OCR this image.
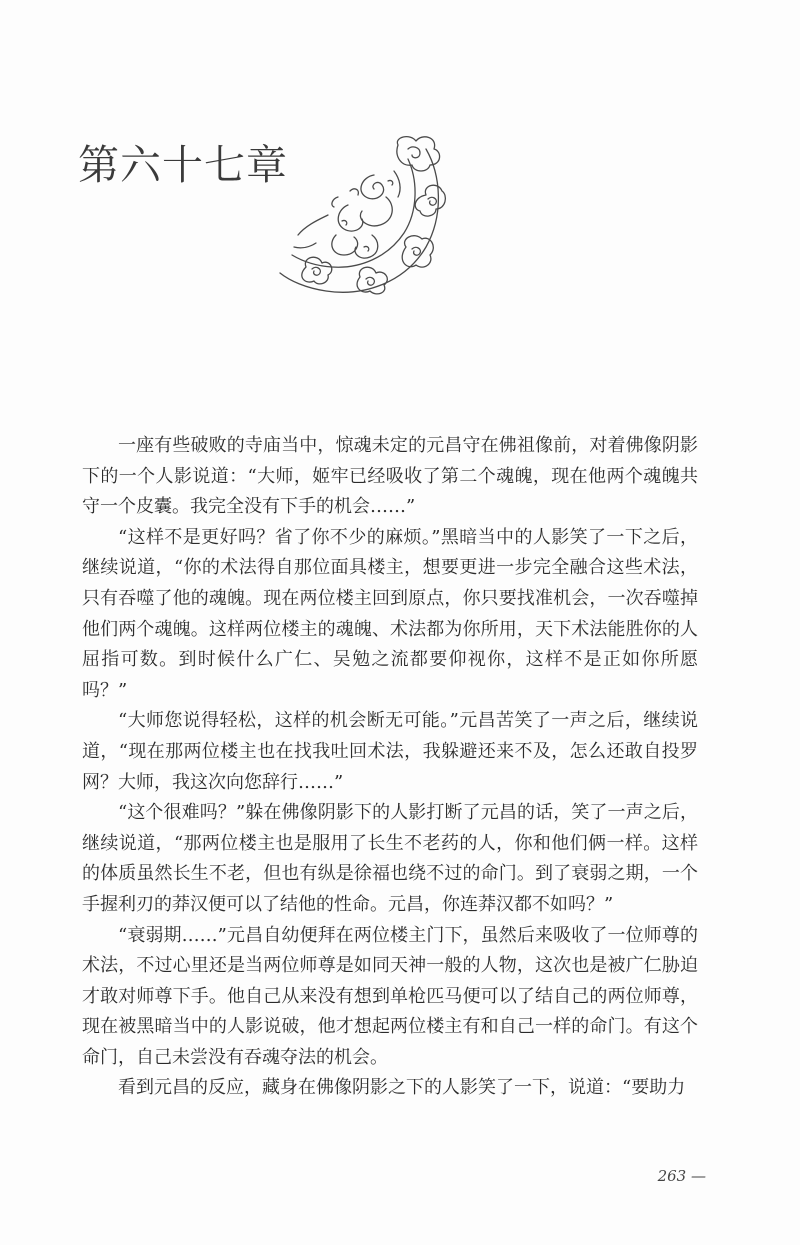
第六十七章

一座有些破败的寺庙当中，惊魂未定的元昌守在佛祖像前，对着佛像阴影下的一个人影说道：“大师，姬牢已经吸收了第二个魂魄，现在他两个魂魄共守一个皮囊。我完全没有下手的机会……”

“这样不是更好吗？省了你不少的麻烦。”黑暗当中的人影笑了一下之后，继续说道，“你的术法得自那位面具楼主，想要更进一步完全融合这些术法，只有吞噬了他的魂魄。现在两位楼主回到原点，你只要找准机会，一次吞噬掉他们两个魂魄。这样两位楼主的魂魄、术法都为你所用，天下术法能胜你的人屈指可数。到时候什么广仁、吴勉之流都要仰视你，这样不是正如你所愿吗？”

“大师您说得轻松，这样的机会断无可能。”元昌苦笑了一声之后，继续说道，“现在那两位楼主也在找我吐回术法，我躲避还来不及，怎么还敢自投罗网？大师，我这次向您辞行……”

“这个很难吗？”躲在佛像阴影下的人影打断了元昌的话，笑了一声之后，继续说道，“那两位楼主也是服用了长生不老药的人，你和他们俩一样。这样的体质虽然长生不老，但也有纵是徐福也绕不过的命门。到了衰弱之期，一个手握利刃的莽汉便可以了结他的性命。元昌，你连莽汉都不如吗？”

“衰弱期……”元昌自幼便拜在两位楼主门下，虽然后来吸收了一位师尊的术法，不过心里还是当两位师尊是如同天神一般的人物，这次也是被广仁胁迫才敢对师尊下手。他自己从来没有想到单枪匹马便可以了结自己的两位师尊，现在被黑暗当中的人影说破，他才想起两位楼主有和自己一样的命门。有这个命门，自己未尝没有吞魂夺法的机会。

看到元昌的反应，藏身在佛像阴影之下的人影笑了一下，说道：“要助力

263 —
